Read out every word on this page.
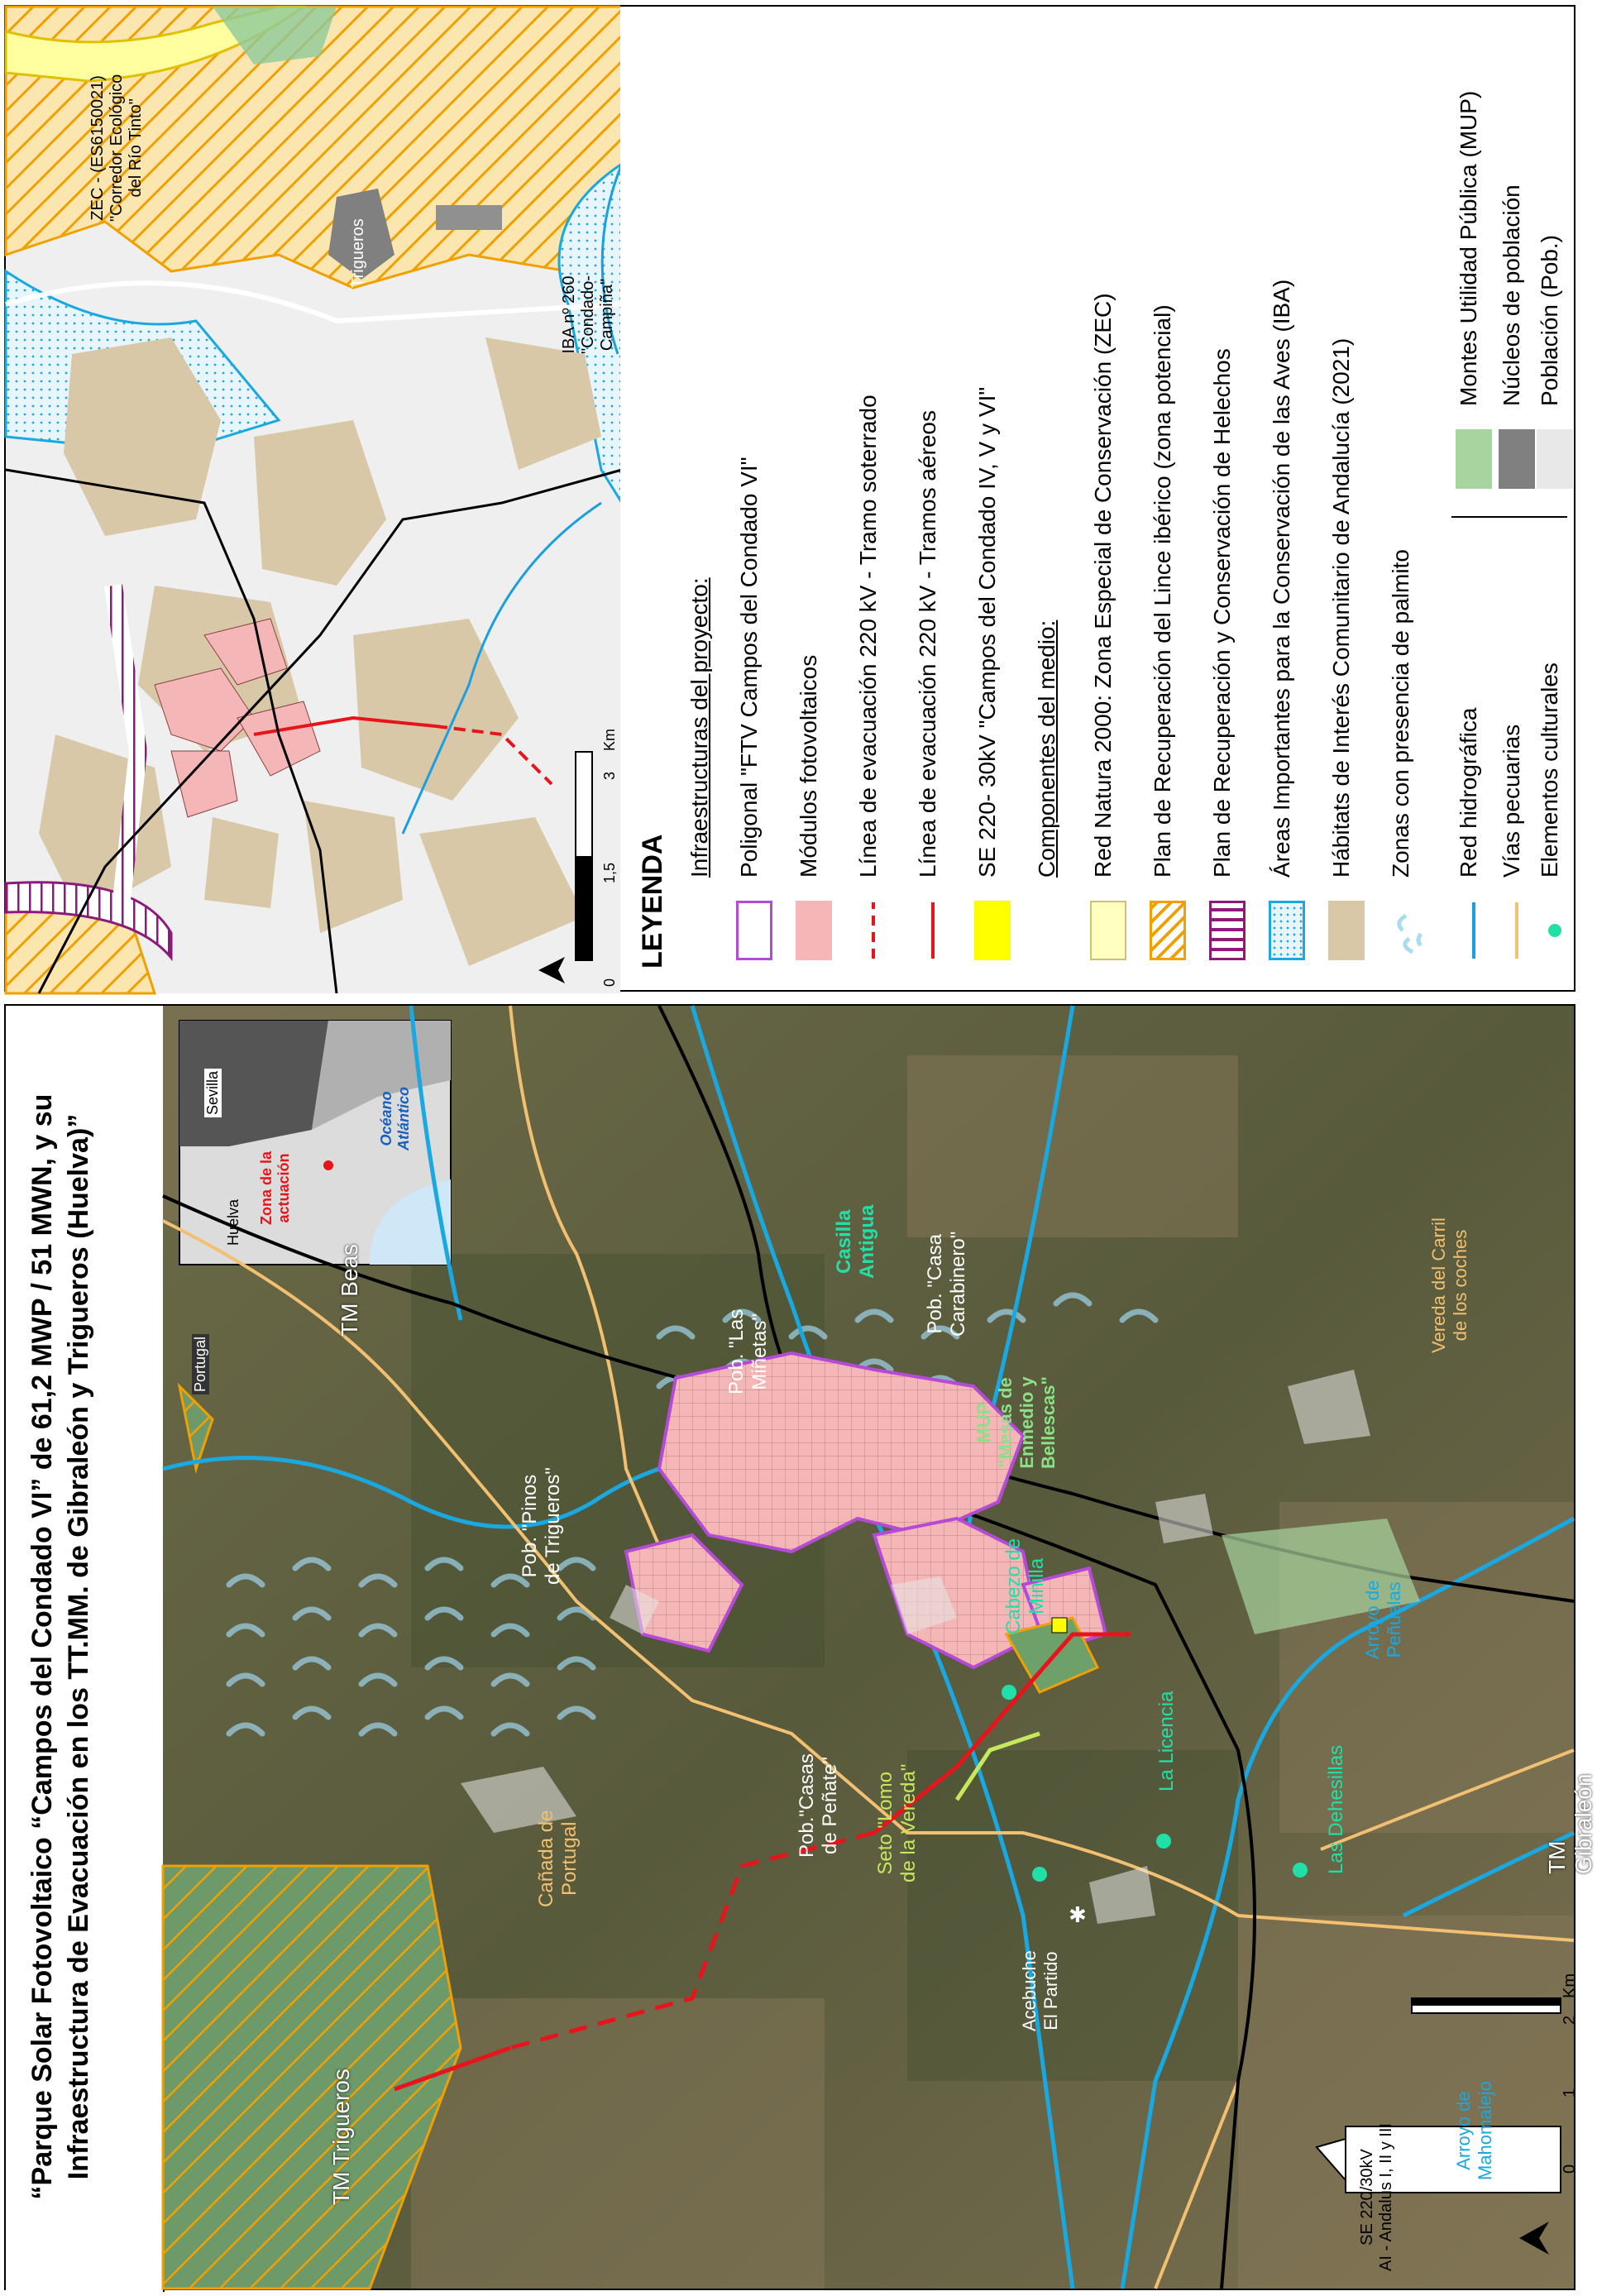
ZEC - (ES6150021) "Corredor Ecológico del Río Tinto"
Trigueros
IBA nº 260 "Condado-Campiña"
0
1,5
3
Km
LEYENDA
Infraestructuras del proyecto: Poligonal "FTV Campos del Condado VI" Módulos fotovoltaicos Línea de evacuación 220 kV - Tramo soterrado Línea de evacuación 220 kV - Tramos aéreos SE 220- 30kV "Campos del Condado IV, V y VI" Componentes del medio: Red Natura 2000: Zona Especial de Conservación (ZEC) Plan de Recuperación del Lince ibérico (zona potencial) Plan de Recuperación y Conservación de Helechos Áreas Importantes para la Conservación de las Aves (IBA) Hábitats de Interés Comunitario de Andalucía (2021) Zonas con presencia de palmito Red hidrográfica Vías pecuarias Elementos culturales
Montes Utilidad Pública (MUP) Núcleos de población Población (Pob.)
“Parque Solar Fotovoltaico “Campos del Condado VI” de 61,2 MWP / 51 MWN, y su Infraestructura de Evacuación en los TT.MM. de Gibraleón y Trigueros (Huelva)”	✱
TM Trigueros
TM Beas
TM Gibraleón
Cañada de Portugal
Pob. "Pinos de Trigueros"
Pob. "Las Miñetas"
Pob. "Casa Carabinero"
Casilla Antigua
MUP "Mesas de Enmedio y Bellescas"
Cabezo de Minilla
Pob."Casas de Peñate" Seto "Lomo de la Vereda"
La Licencia
Las Dehesillas
Arroyo de Peñuelas
Vereda del Carril de los coches
Acebuche El Partido
SE 220/30kV AI - Andalus I, II y III	Arroyo de Mahomalejo
Sevilla
Huelva
Portugal
Zona de la actuación
Océano Atlántico
0
1
2
Km
